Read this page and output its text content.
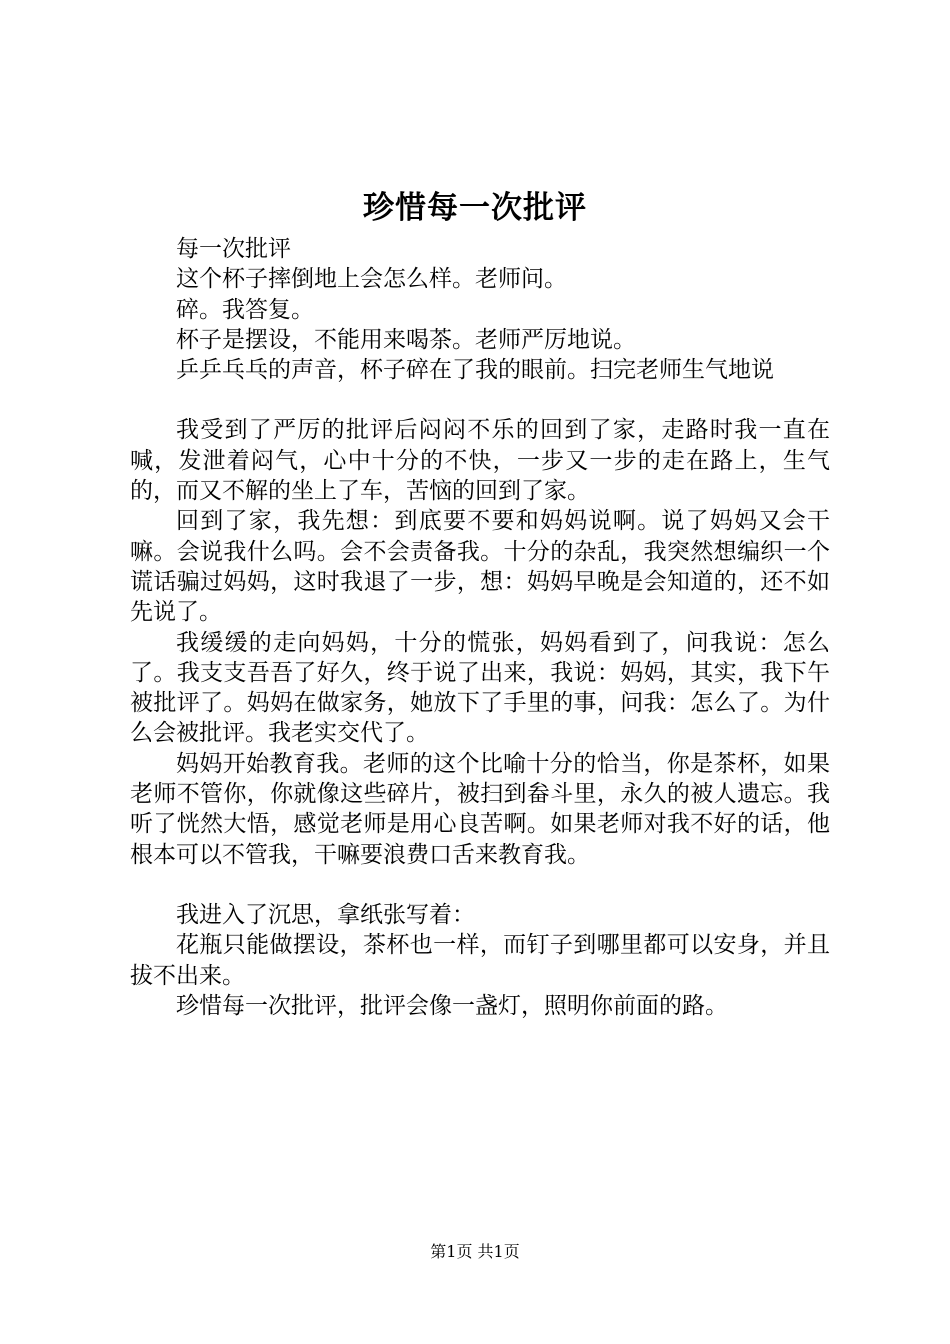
珍惜每一次批评

每一次批评

这个杯子摔倒地上会怎么样。老师问。

碎。我答复。

杯子是摆设，不能用来喝茶。老师严厉地说。

乒乒乓乓的声音，杯子碎在了我的眼前。扫完老师生气地说

我受到了严厉的批评后闷闷不乐的回到了家，走路时我一直在喊，发泄着闷气，心中十分的不快，一步又一步的走在路上，生气的，而又不解的坐上了车，苦恼的回到了家。

回到了家，我先想：到底要不要和妈妈说啊。说了妈妈又会干嘛。会说我什么吗。会不会责备我。十分的杂乱，我突然想编织一个谎话骗过妈妈，这时我退了一步，想：妈妈早晚是会知道的，还不如先说了。

我缓缓的走向妈妈，十分的慌张，妈妈看到了，问我说：怎么了。我支支吾吾了好久，终于说了出来，我说：妈妈，其实，我下午被批评了。妈妈在做家务，她放下了手里的事，问我：怎么了。为什么会被批评。我老实交代了。

妈妈开始教育我。老师的这个比喻十分的恰当，你是茶杯，如果老师不管你，你就像这些碎片，被扫到畚斗里，永久的被人遗忘。我听了恍然大悟，感觉老师是用心良苦啊。如果老师对我不好的话，他根本可以不管我，干嘛要浪费口舌来教育我。

我进入了沉思，拿纸张写着：

花瓶只能做摆设，茶杯也一样，而钉子到哪里都可以安身，并且拔不出来。

珍惜每一次批评，批评会像一盏灯，照明你前面的路。

第1页 共1页
